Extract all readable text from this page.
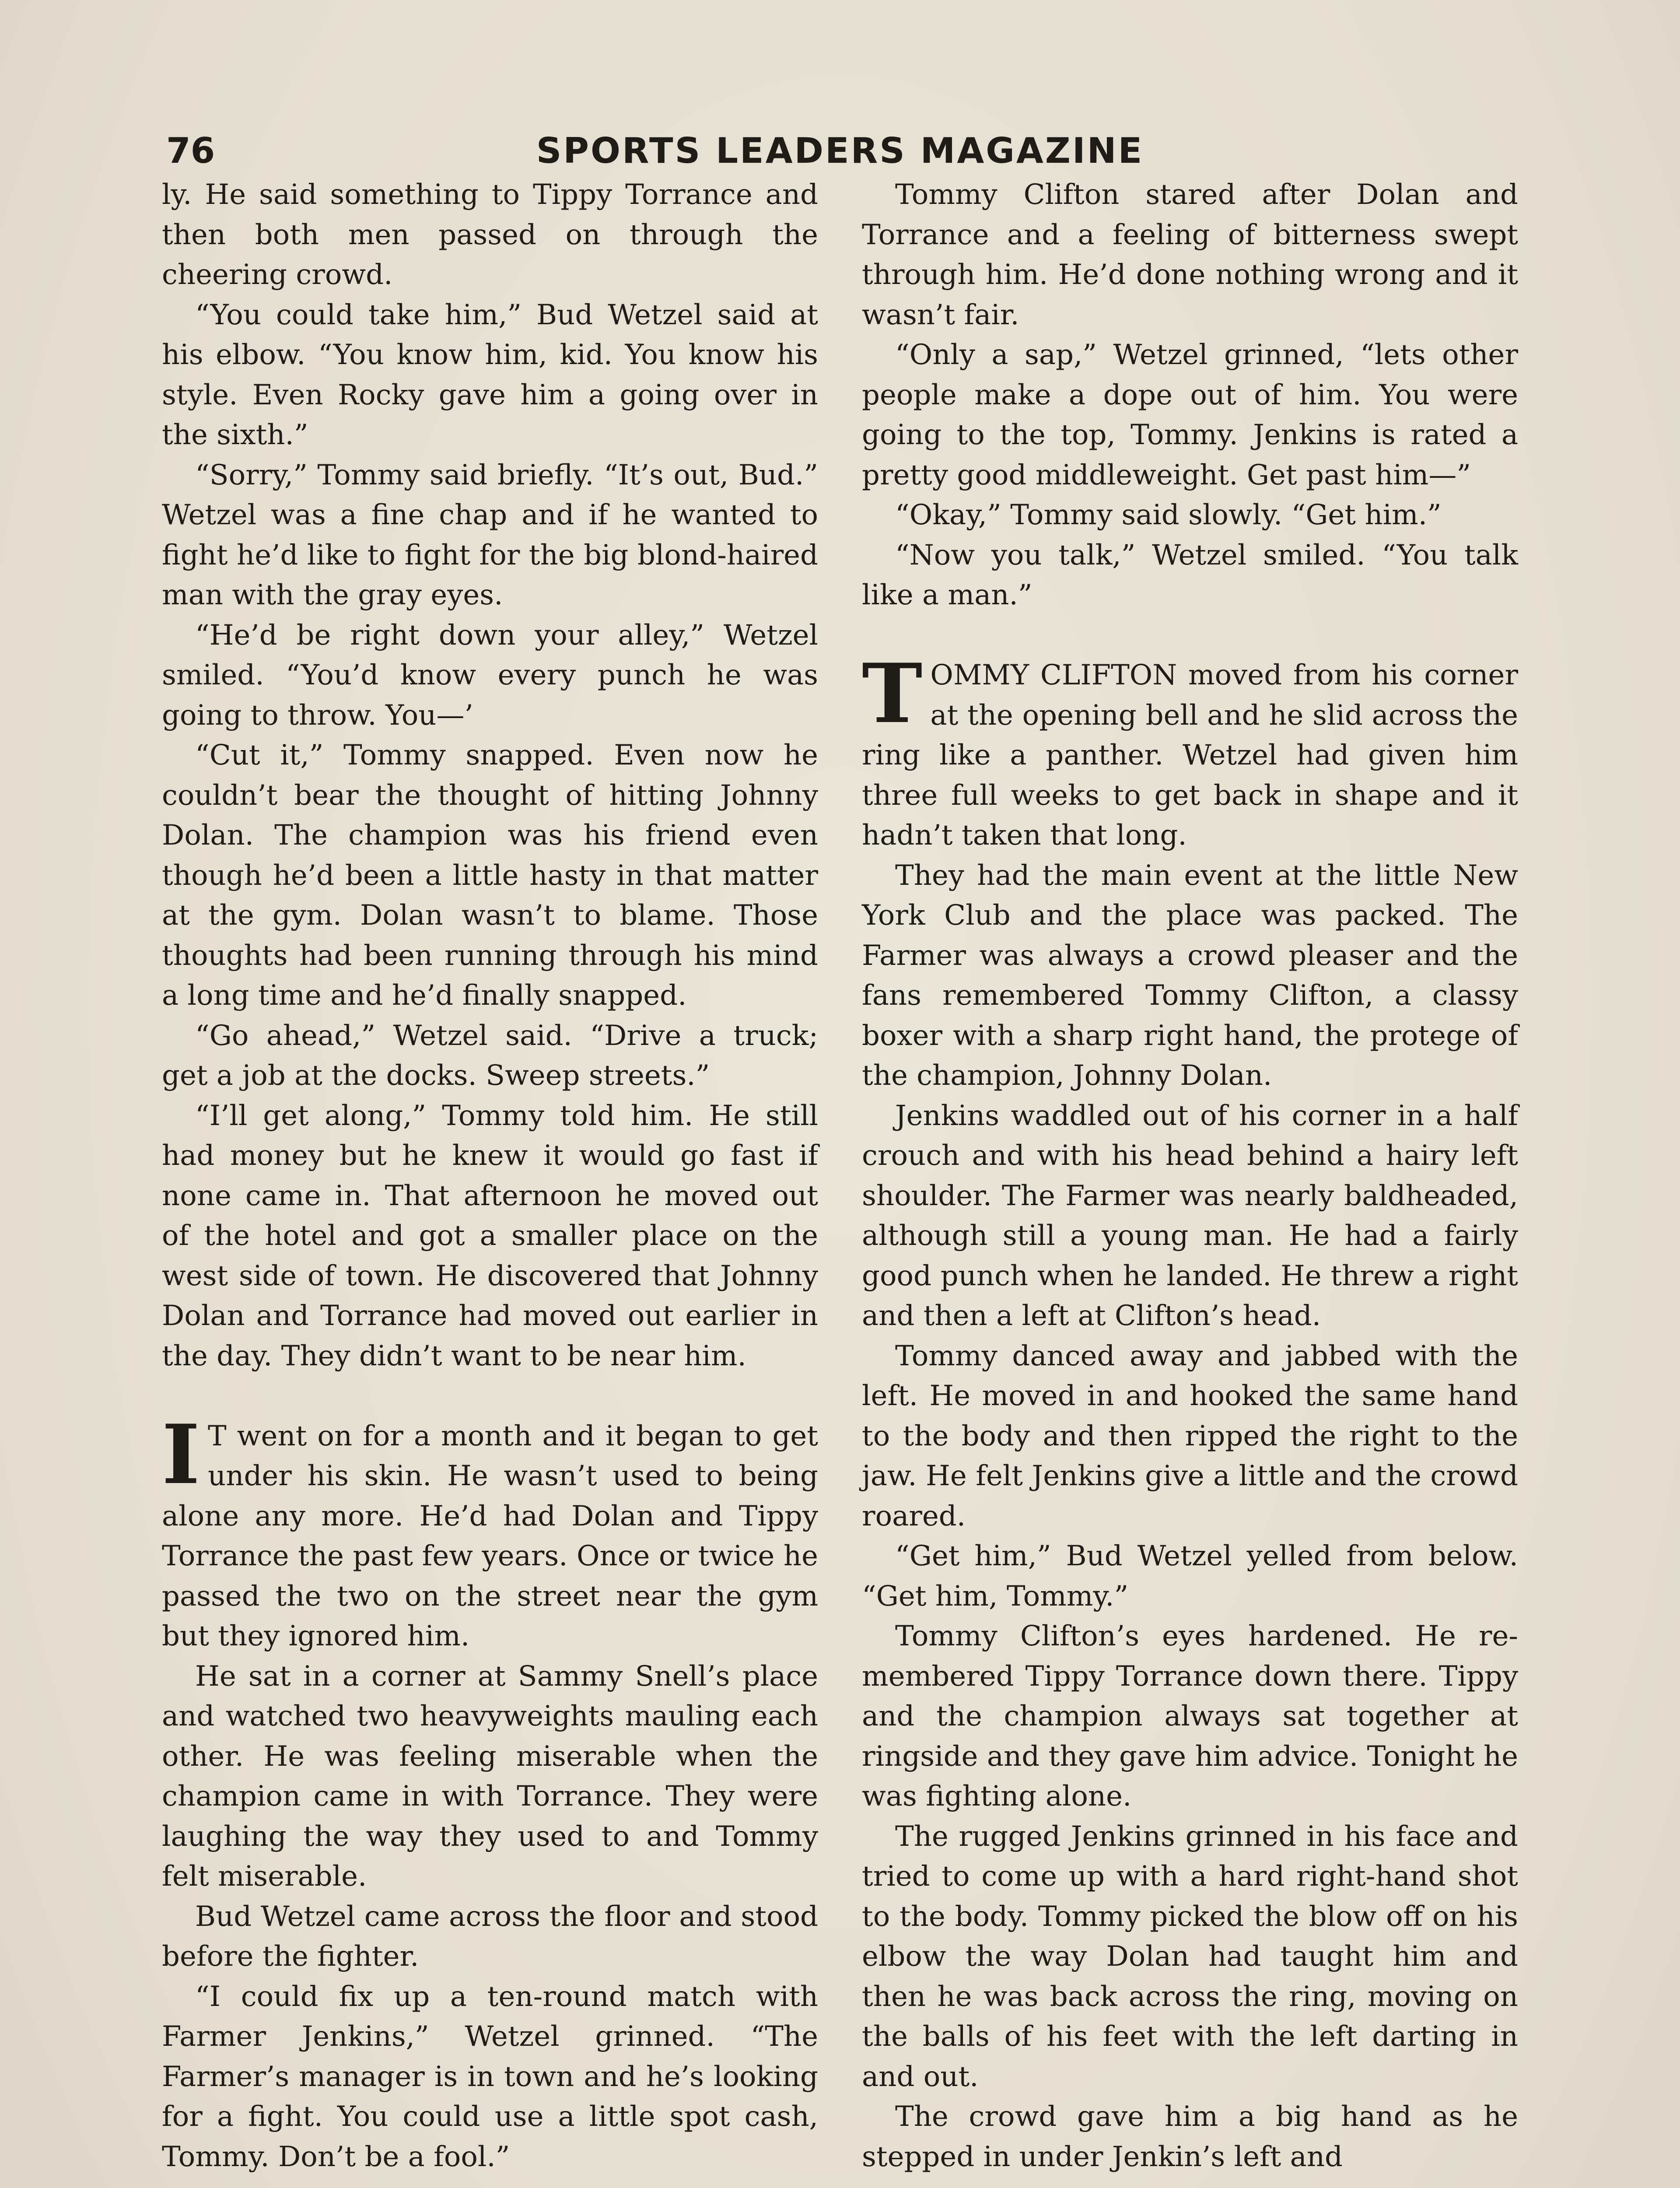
76	SPORTS LEADERS MAGAZINE

ly. He said something to Tippy Torrance and then both men passed on through the cheering crowd.

“You could take him,” Bud Wetzel said at his elbow. “You know him, kid. You know his style. Even Rocky gave him a going over in the sixth.”

“Sorry,” Tommy said briefly. “It’s out, Bud.” Wetzel was a fine chap and if he wanted to fight he’d like to fight for the big blond-haired man with the gray eyes.

“He’d be right down your alley,” Wetzel smiled. “You’d know every punch he was going to throw. You—’

“Cut it,” Tommy snapped. Even now he couldn’t bear the thought of hitting Johnny Dolan. The champion was his friend even though he’d been a little hasty in that matter at the gym. Dolan wasn’t to blame. Those thoughts had been running through his mind a long time and he’d finally snapped.

“Go ahead,” Wetzel said. “Drive a truck; get a job at the docks. Sweep streets.”

“I’ll get along,” Tommy told him. He still had money but he knew it would go fast if none came in. That afternoon he moved out of the hotel and got a smaller place on the west side of town. He discovered that Johnny Dolan and Torrance had moved out earlier in the day. They didn’t want to be near him.

I T went on for a month and it began to get under his skin. He wasn’t used to being alone any more. He’d had Dolan and Tippy Torrance the past few years. Once or twice he passed the two on the street near the gym but they ignored him.

He sat in a corner at Sammy Snell’s place and watched two heavyweights mauling each other. He was feeling miserable when the champion came in with Torrance. They were laughing the way they used to and Tommy felt miserable.

Bud Wetzel came across the floor and stood before the fighter.

“I could fix up a ten-round match with Farmer Jenkins,” Wetzel grinned. “The Farmer’s manager is in town and he’s looking for a fight. You could use a little spot cash, Tommy. Don’t be a fool.”

Tommy Clifton stared after Dolan and Torrance and a feeling of bitterness swept through him. He’d done nothing wrong and it wasn’t fair.

“Only a sap,” Wetzel grinned, “lets other people make a dope out of him. You were going to the top, Tommy. Jenkins is rated a pretty good middleweight. Get past him—”

“Okay,” Tommy said slowly. “Get him.”

“Now you talk,” Wetzel smiled. “You talk like a man.”

TOMMY CLIFTON moved from his corner at the opening bell and he slid across the ring like a panther. Wetzel had given him three full weeks to get back in shape and it hadn’t taken that long.

They had the main event at the little New York Club and the place was packed. The Farmer was always a crowd pleaser and the fans remembered Tommy Clifton, a classy boxer with a sharp right hand, the protege of the champion, Johnny Dolan.

Jenkins waddled out of his corner in a half crouch and with his head behind a hairy left shoulder. The Farmer was nearly baldheaded, although still a young man. He had a fairly good punch when he landed. He threw a right and then a left at Clifton’s head.

Tommy danced away and jabbed with the left. He moved in and hooked the same hand to the body and then ripped the right to the jaw. He felt Jenkins give a little and the crowd roared.

“Get him,” Bud Wetzel yelled from below. “Get him, Tommy.”

Tommy Clifton’s eyes hardened. He remembered Tippy Torrance down there. Tippy and the champion always sat together at ringside and they gave him advice. Tonight he was fighting alone.

The rugged Jenkins grinned in his face and tried to come up with a hard right-hand shot to the body. Tommy picked the blow off on his elbow the way Dolan had taught him and then he was back across the ring, moving on the balls of his feet with the left darting in and out.

The crowd gave him a big hand as he stepped in under Jenkin’s left and
